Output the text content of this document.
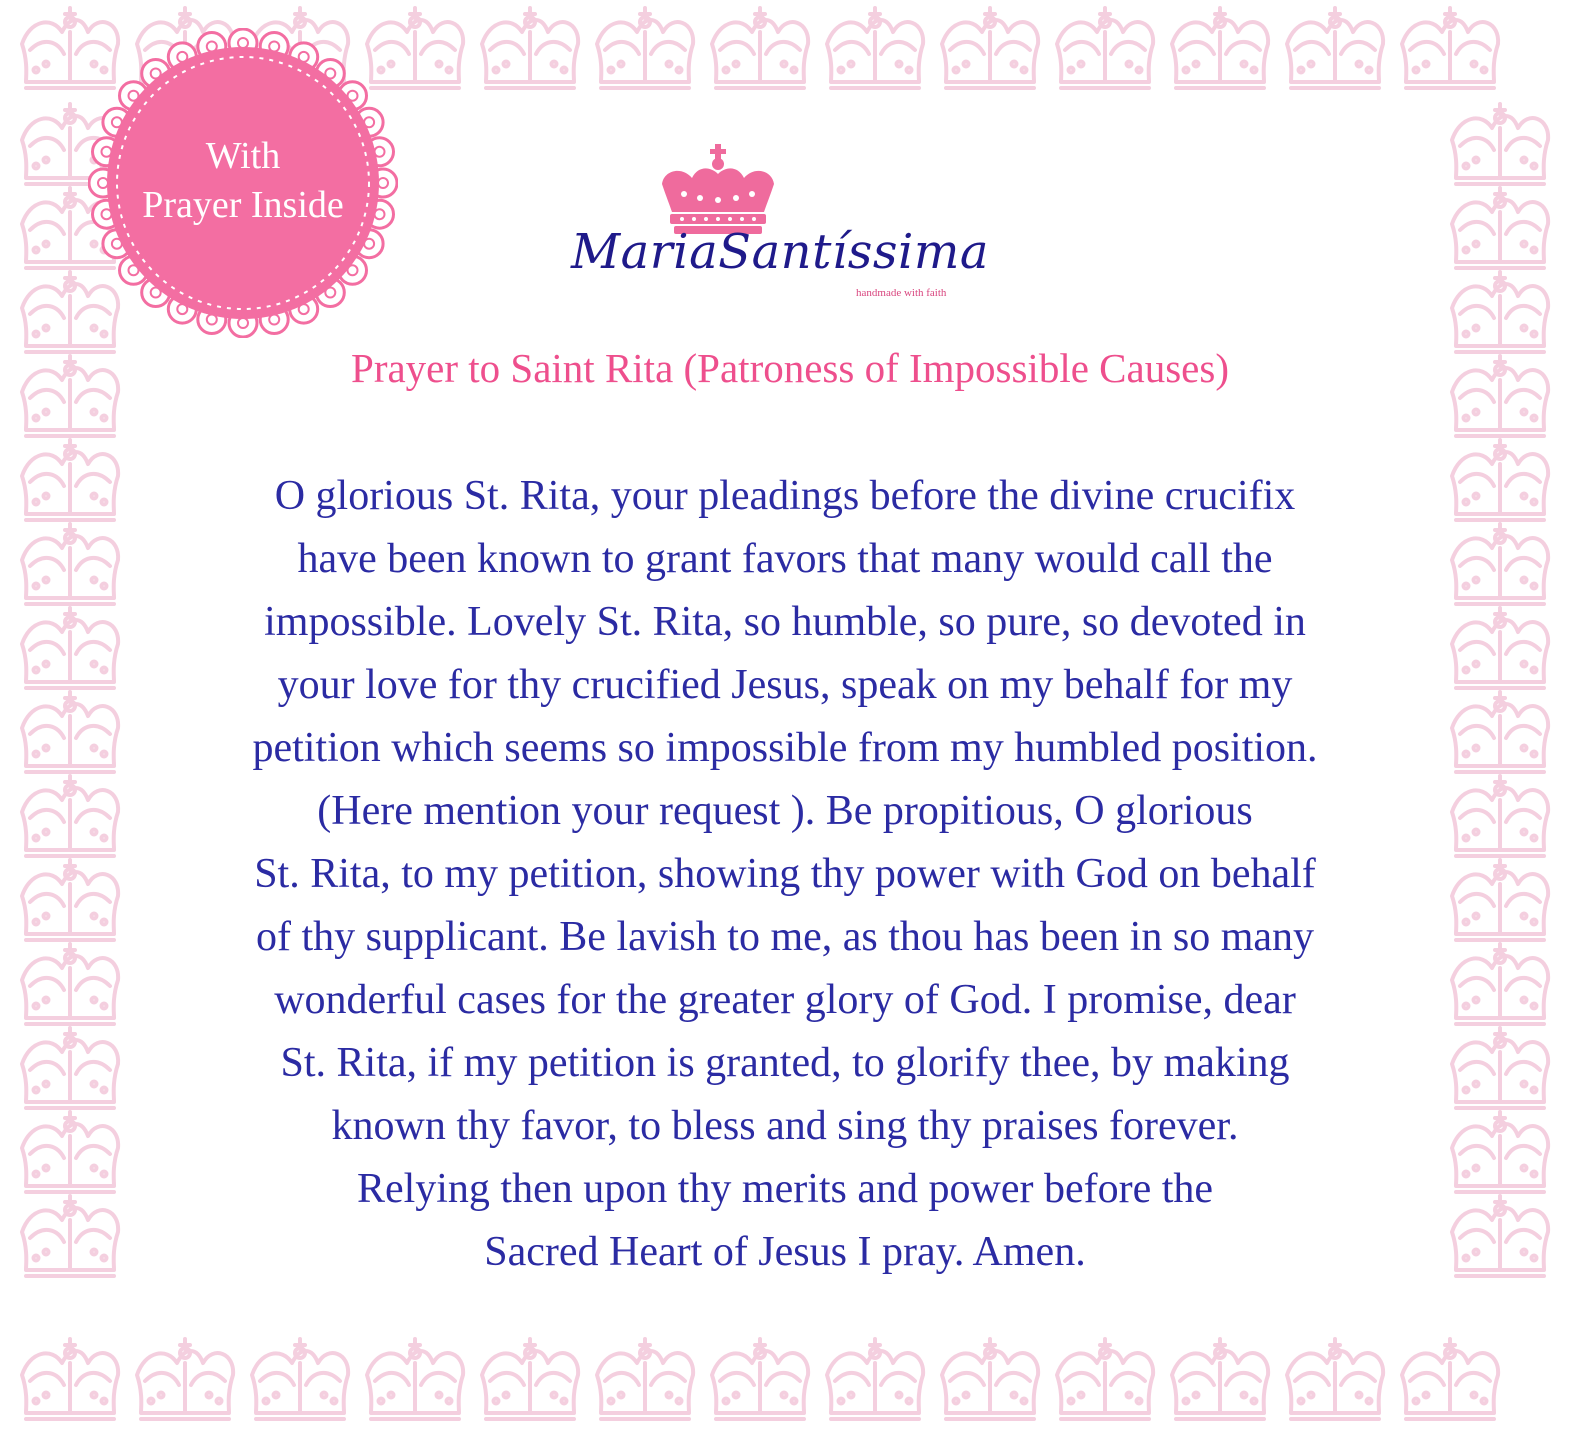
With
Prayer Inside
MariaSantíssima
handmade with faith
Prayer to Saint Rita (Patroness of Impossible Causes)
O glorious St. Rita, your pleadings before the divine crucifix
have been known to grant favors that many would call the
impossible. Lovely St. Rita, so humble, so pure, so devoted in
your love for thy crucified Jesus, speak on my behalf for my
petition which seems so impossible from my humbled position.
(Here mention your request ). Be propitious, O glorious
St. Rita, to my petition, showing thy power with God on behalf
of thy supplicant. Be lavish to me, as thou has been in so many
wonderful cases for the greater glory of God. I promise, dear
St. Rita, if my petition is granted, to glorify thee, by making
known thy favor, to bless and sing thy praises forever.
Relying then upon thy merits and power before the
Sacred Heart of Jesus I pray. Amen.
